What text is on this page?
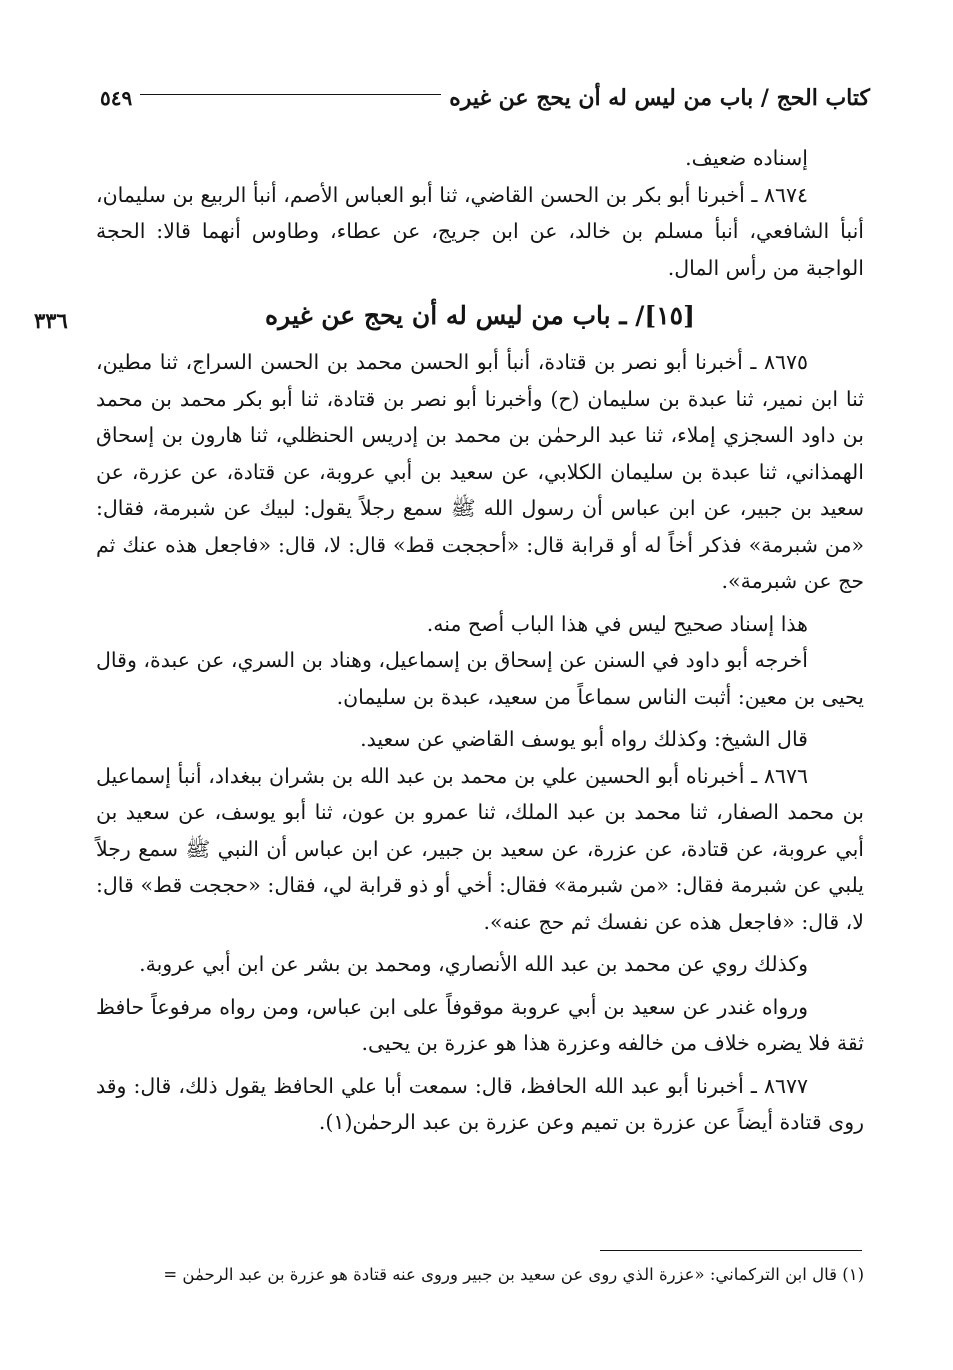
كتاب الحج / باب من ليس له أن يحج عن غيره
٥٤٩
٣٣٦

إسناده ضعيف.

٨٦٧٤ ـ أخبرنا أبو بكر بن الحسن القاضي، ثنا أبو العباس الأصم، أنبأ الربيع بن سليمان، أنبأ الشافعي، أنبأ مسلم بن خالد، عن ابن جريج، عن عطاء، وطاوس أنهما قالا: الحجة الواجبة من رأس المال.

[١٥]/ ـ باب من ليس له أن يحج عن غيره

٨٦٧٥ ـ أخبرنا أبو نصر بن قتادة، أنبأ أبو الحسن محمد بن الحسن السراج، ثنا مطين، ثنا ابن نمير، ثنا عبدة بن سليمان (ح) وأخبرنا أبو نصر بن قتادة، ثنا أبو بكر محمد بن محمد بن داود السجزي إملاء، ثنا عبد الرحمٰن بن محمد بن إدريس الحنظلي، ثنا هارون بن إسحاق الهمذاني، ثنا عبدة بن سليمان الكلابي، عن سعيد بن أبي عروبة، عن قتادة، عن عزرة، عن سعيد بن جبير، عن ابن عباس أن رسول الله ﷺ سمع رجلاً يقول: لبيك عن شبرمة، فقال: «من شبرمة» فذكر أخاً له أو قرابة قال: «أحججت قط» قال: لا، قال: «فاجعل هذه عنك ثم حج عن شبرمة».

هذا إسناد صحيح ليس في هذا الباب أصح منه.

أخرجه أبو داود في السنن عن إسحاق بن إسماعيل، وهناد بن السري، عن عبدة، وقال يحيى بن معين: أثبت الناس سماعاً من سعيد، عبدة بن سليمان.

قال الشيخ: وكذلك رواه أبو يوسف القاضي عن سعيد.

٨٦٧٦ ـ أخبرناه أبو الحسين علي بن محمد بن عبد الله بن بشران ببغداد، أنبأ إسماعيل بن محمد الصفار، ثنا محمد بن عبد الملك، ثنا عمرو بن عون، ثنا أبو يوسف، عن سعيد بن أبي عروبة، عن قتادة، عن عزرة، عن سعيد بن جبير، عن ابن عباس أن النبي ﷺ سمع رجلاً يلبي عن شبرمة فقال: «من شبرمة» فقال: أخي أو ذو قرابة لي، فقال: «حججت قط» قال: لا، قال: «فاجعل هذه عن نفسك ثم حج عنه».

وكذلك روي عن محمد بن عبد الله الأنصاري، ومحمد بن بشر عن ابن أبي عروبة.

ورواه غندر عن سعيد بن أبي عروبة موقوفاً على ابن عباس، ومن رواه مرفوعاً حافظ ثقة فلا يضره خلاف من خالفه وعزرة هذا هو عزرة بن يحيى.

٨٦٧٧ ـ أخبرنا أبو عبد الله الحافظ، قال: سمعت أبا علي الحافظ يقول ذلك، قال: وقد روى قتادة أيضاً عن عزرة بن تميم وعن عزرة بن عبد الرحمٰن(١).

(١) قال ابن التركماني: «عزرة الذي روى عن سعيد بن جبير وروى عنه قتادة هو عزرة بن عبد الرحمٰن =
